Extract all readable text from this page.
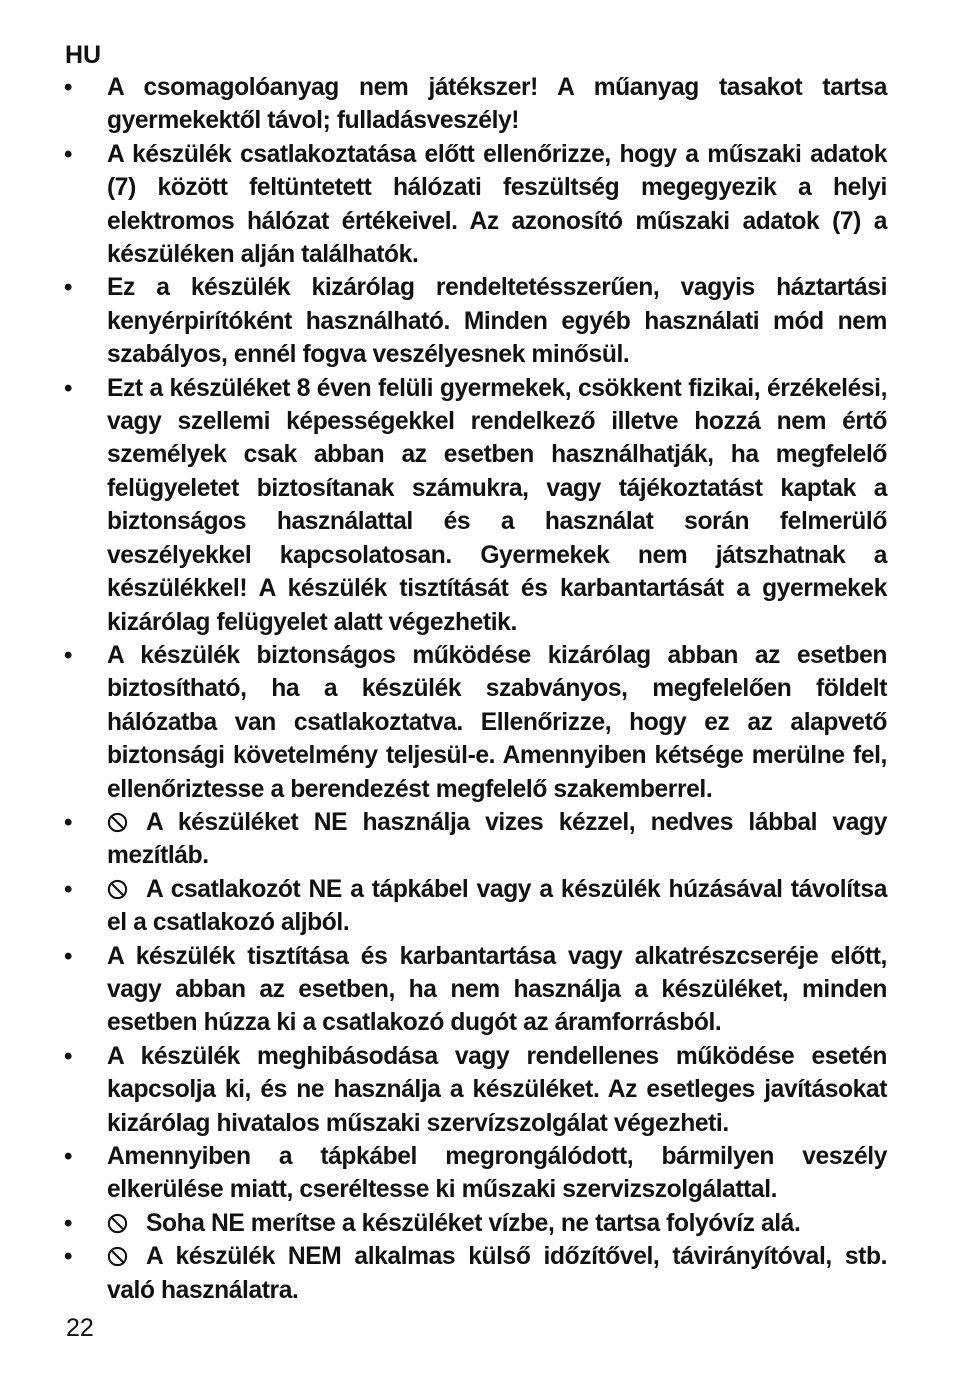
HU
•	A csomagolóanyag nem játékszer! A műanyag tasakot tartsa gyermekektől távol; fulladásveszély!
•	A készülék csatlakoztatása előtt ellenőrizze, hogy a műszaki adatok (7) között feltüntetett hálózati feszültség megegyezik a helyi elektromos hálózat értékeivel. Az azonosító műszaki adatok (7) a készüléken alján találhatók.
•	Ez a készülék kizárólag rendeltetésszerűen, vagyis háztartási kenyérpirítóként használható. Minden egyéb használati mód nem szabályos, ennél fogva veszélyesnek minősül.
•	Ezt a készüléket 8 éven felüli gyermekek, csökkent fizikai, érzékelési, vagy szellemi képességekkel rendelkező illetve hozzá nem értő személyek csak abban az esetben használhatják, ha megfelelő felügyeletet biztosítanak számukra, vagy tájékoztatást kaptak a biztonságos használattal és a használat során felmerülő veszélyekkel kapcsolatosan. Gyermekek nem játszhatnak a készülékkel! A készülék tisztítását és karbantartását a gyermekek kizárólag felügyelet alatt végezhetik.
•	A készülék biztonságos működése kizárólag abban az esetben biztosítható, ha a készülék szabványos, megfelelően földelt hálózatba van csatlakoztatva. Ellenőrizze, hogy ez az alapvető biztonsági követelmény teljesül-e. Amennyiben kétsége merülne fel, ellenőriztesse a berendezést megfelelő szakemberrel.
•	A készüléket NE használja vizes kézzel, nedves lábbal vagy mezítláb.
•	A csatlakozót NE a tápkábel vagy a készülék húzásával távolítsa el a csatlakozó aljból.
•	A készülék tisztítása és karbantartása vagy alkatrészcseréje előtt, vagy abban az esetben, ha nem használja a készüléket, minden esetben húzza ki a csatlakozó dugót az áramforrásból.
•	A készülék meghibásodása vagy rendellenes működése esetén kapcsolja ki, és ne használja a készüléket. Az esetleges javításokat kizárólag hivatalos műszaki szervízszolgálat végezheti.
•	Amennyiben a tápkábel megrongálódott, bármilyen veszély elkerülése miatt, cseréltesse ki műszaki szervizszolgálattal.
•	Soha NE merítse a készüléket vízbe, ne tartsa folyóvíz alá.
•	A készülék NEM alkalmas külső időzítővel, távirányítóval, stb. való használatra.
22
